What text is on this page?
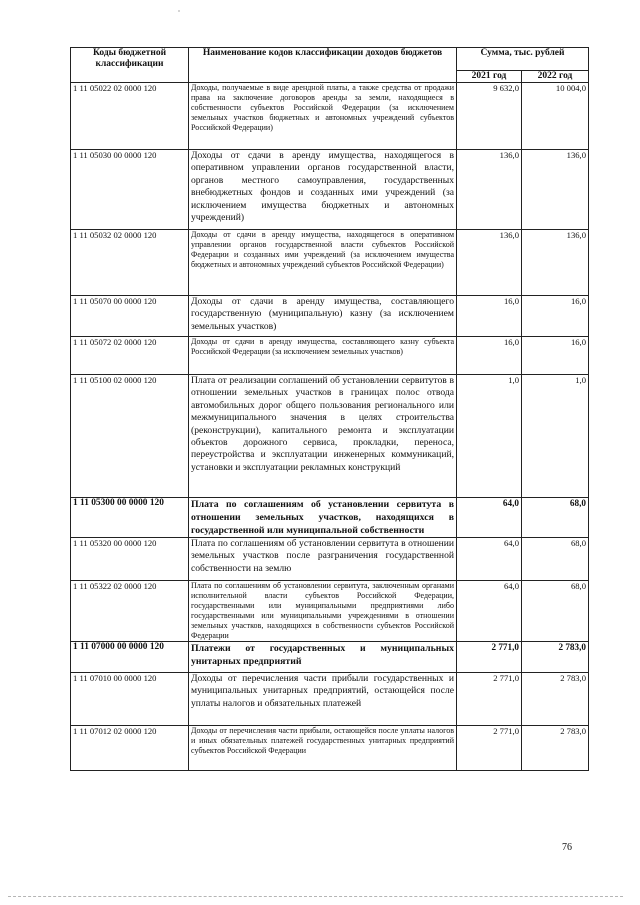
Коды бюджетной классификации	Наименование кодов классификации доходов бюджетов	Сумма, тыс. рублей	
		2021 год	2022 год
1 11 05022 02 0000 120	Доходы, получаемые в виде арендной платы, а также средства от продажи права на заключение договоров аренды за земли, находящиеся в собственности субъектов Российской Федерации (за исключением земельных участков бюджетных и автономных учреждений субъектов Российской Федерации)	9 632,0	10 004,0
1 11 05030 00 0000 120	Доходы от сдачи в аренду имущества, находящегося в оперативном управлении органов государственной власти, органов местного самоуправления, государственных внебюджетных фондов и созданных ими учреждений (за исключением имущества бюджетных и автономных учреждений)	136,0	136,0
1 11 05032 02 0000 120	Доходы от сдачи в аренду имущества, находящегося в оперативном управлении органов государственной власти субъектов Российской Федерации и созданных ими учреждений (за исключением имущества бюджетных и автономных учреждений субъектов Российской Федерации)	136,0	136,0
1 11 05070 00 0000 120	Доходы от сдачи в аренду имущества, составляющего государственную (муниципальную) казну (за исключением земельных участков)	16,0	16,0
1 11 05072 02 0000 120	Доходы от сдачи в аренду имущества, составляющего казну субъекта Российской Федерации (за исключением земельных участков)	16,0	16,0
1 11 05100 02 0000 120	Плата от реализации соглашений об установлении сервитутов в отношении земельных участков в границах полос отвода автомобильных дорог общего пользования регионального или межмуниципального значения в целях строительства (реконструкции), капитального ремонта и эксплуатации объектов дорожного сервиса, прокладки, переноса, переустройства и эксплуатации инженерных коммуникаций, установки и эксплуатации рекламных конструкций	1,0	1,0
1 11 05300 00 0000 120	Плата по соглашениям об установлении сервитута в отношении земельных участков, находящихся в государственной или муниципальной собственности	64,0	68,0
1 11 05320 00 0000 120	Плата по соглашениям об установлении сервитута в отношении земельных участков после разграничения государственной собственности на землю	64,0	68,0
1 11 05322 02 0000 120	Плата по соглашениям об установлении сервитута, заключенным органами исполнительной власти субъектов Российской Федерации, государственными или муниципальными предприятиями либо государственными или муниципальными учреждениями в отношении земельных участков, находящихся в собственности субъектов Российской Федерации	64,0	68,0
1 11 07000 00 0000 120	Платежи от государственных и муниципальных унитарных предприятий	2 771,0	2 783,0
1 11 07010 00 0000 120	Доходы от перечисления части прибыли государственных и муниципальных унитарных предприятий, остающейся после уплаты налогов и обязательных платежей	2 771,0	2 783,0
1 11 07012 02 0000 120	Доходы от перечисления части прибыли, остающейся после уплаты налогов и иных обязательных платежей государственных унитарных предприятий субъектов Российской Федерации	2 771,0	2 783,0
76
